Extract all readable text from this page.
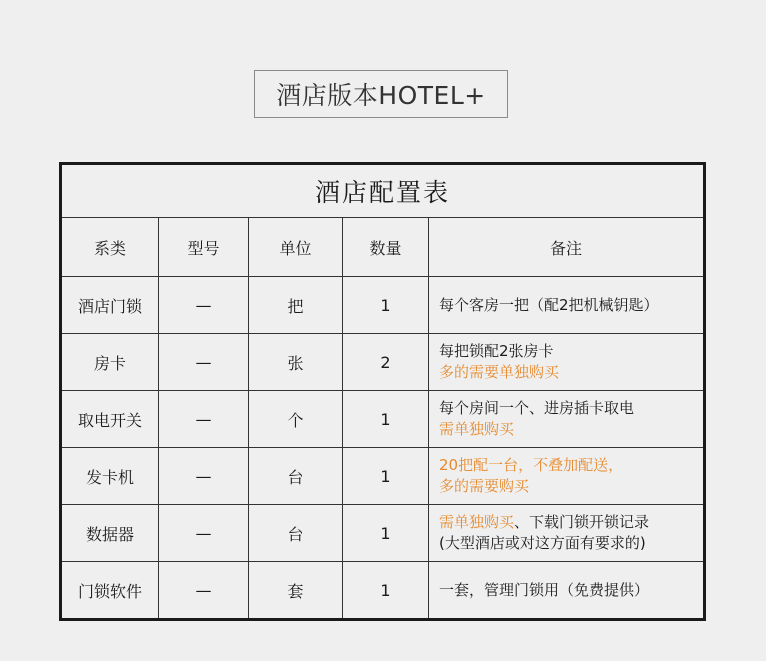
酒店版本HOTEL+
酒店配置表				
系类	型号	单位	数量	备注
酒店门锁	—	把	1	每个客房一把（配2把机械钥匙）

房卡	—	张	2	每把锁配2张房卡
多的需要单独购买

取电开关	—	个	1	每个房间一个、进房插卡取电
需单独购买

发卡机	—	台	1	20把配一台，不叠加配送，
多的需要购买

数据器	—	台	1	需单独购买、下载门锁开锁记录
(大型酒店或对这方面有要求的)

门锁软件	—	套	1	一套，管理门锁用（免费提供）
